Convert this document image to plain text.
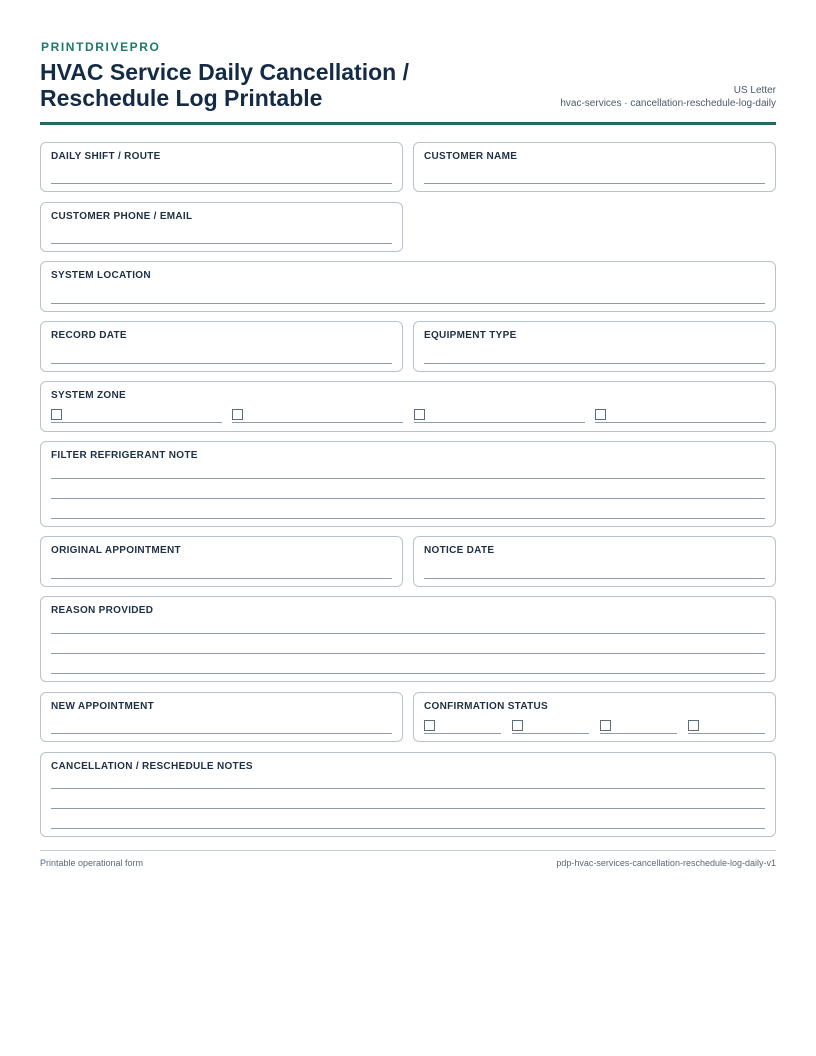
PRINTDRIVEPRO
HVAC Service Daily Cancellation / Reschedule Log Printable	US Letter
hvac-services · cancellation-reschedule-log-daily
DAILY SHIFT / ROUTE	CUSTOMER NAME
CUSTOMER PHONE / EMAIL
SYSTEM LOCATION
RECORD DATE	EQUIPMENT TYPE
SYSTEM ZONE
FILTER REFRIGERANT NOTE
ORIGINAL APPOINTMENT	NOTICE DATE
REASON PROVIDED
NEW APPOINTMENT	CONFIRMATION STATUS
CANCELLATION / RESCHEDULE NOTES
Printable operational form	pdp-hvac-services-cancellation-reschedule-log-daily-v1
